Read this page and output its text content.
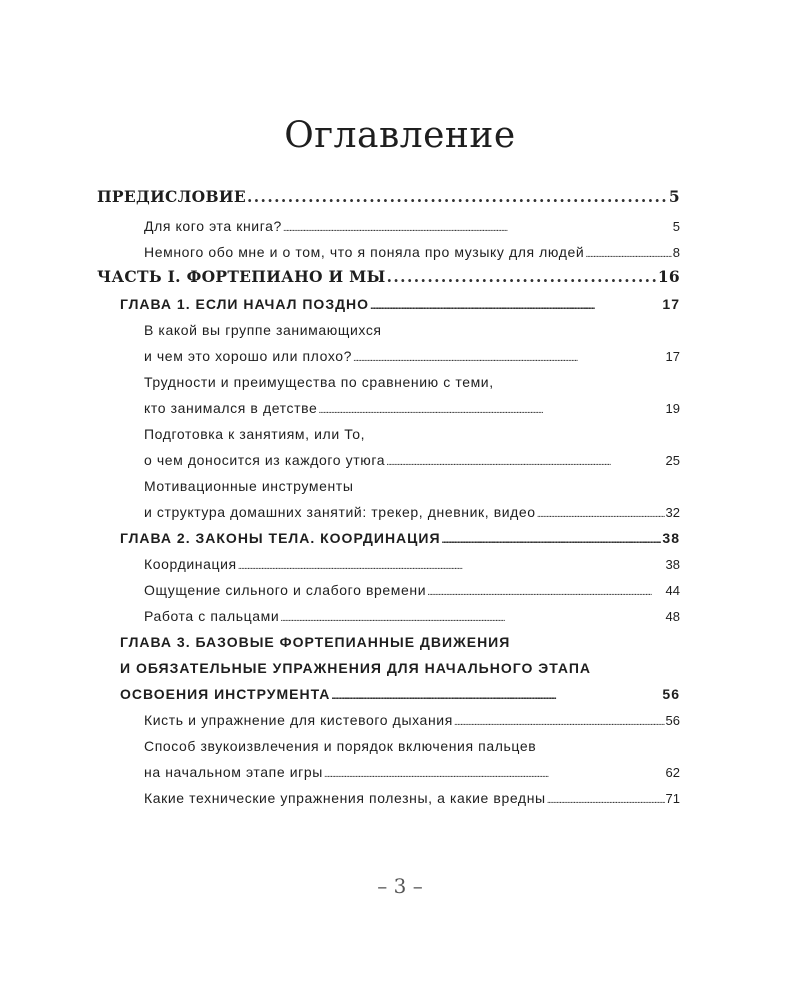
Оглавление
ПРЕДИСЛОВИЕ . . .	5
Для кого эта книга? . . .	5
Немного обо мне и о том, что я поняла про музыку для людей . . .	8
ЧАСТЬ I. ФОРТЕПИАНО И МЫ . . .	16
ГЛАВА 1. ЕСЛИ НАЧАЛ ПОЗДНО . . .	17
В какой вы группе занимающихся
и чем это хорошо или плохо? . . .	17
Трудности и преимущества по сравнению с теми,
кто занимался в детстве . . .	19
Подготовка к занятиям, или То,
о чем доносится из каждого утюга . . .	25
Мотивационные инструменты
и структура домашних занятий: трекер, дневник, видео . . .	32
ГЛАВА 2. ЗАКОНЫ ТЕЛА. КООРДИНАЦИЯ . . .	38
Координация . . .	38
Ощущение сильного и слабого времени . . .	44
Работа с пальцами . . .	48
ГЛАВА 3. БАЗОВЫЕ ФОРТЕПИАННЫЕ ДВИЖЕНИЯ
И ОБЯЗАТЕЛЬНЫЕ УПРАЖНЕНИЯ ДЛЯ НАЧАЛЬНОГО ЭТАПА
ОСВОЕНИЯ ИНСТРУМЕНТА . . .	56
Кисть и упражнение для кистевого дыхания . . .	56
Способ звукоизвлечения и порядок включения пальцев
на начальном этапе игры . . .	62
Какие технические упражнения полезны, а какие вредны . . .	71
– 3 –
